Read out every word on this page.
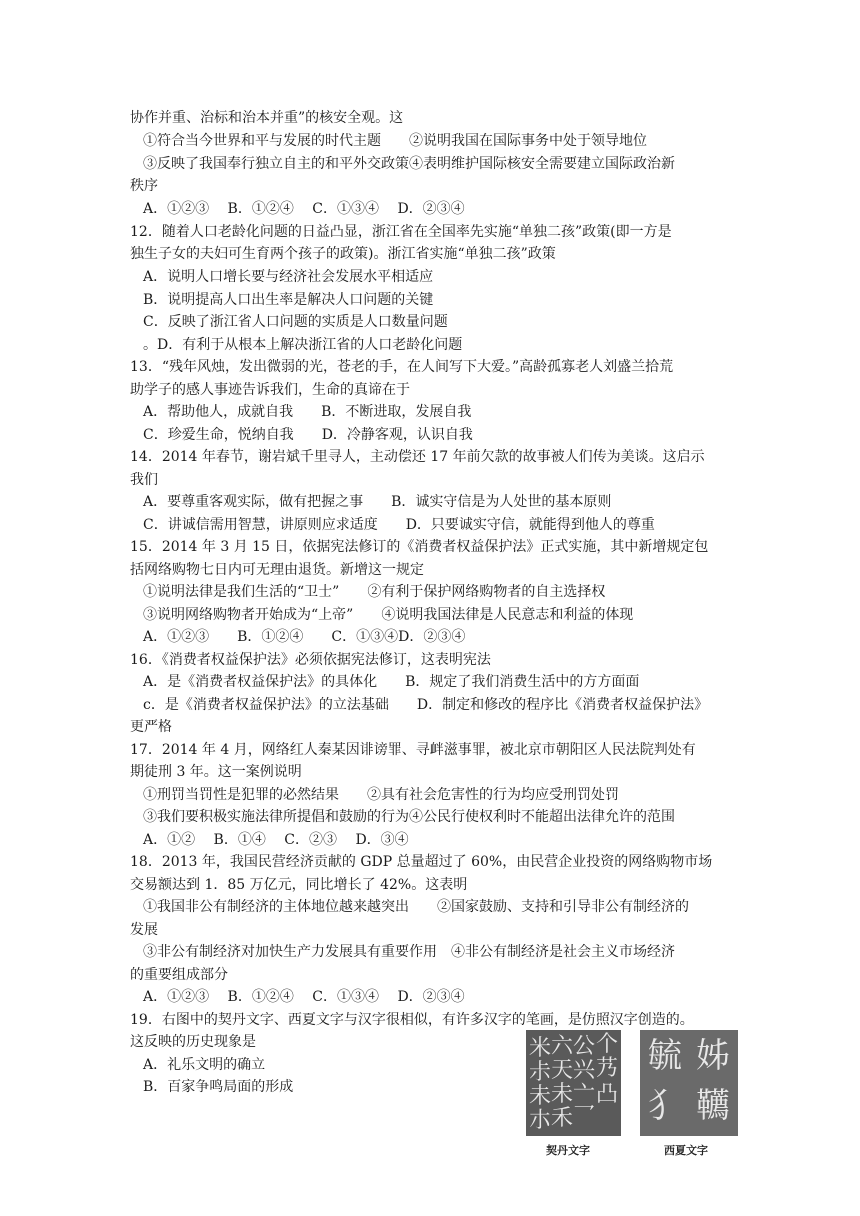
协作并重、治标和治本并重”的核安全观。这
①符合当今世界和平与发展的时代主题　　②说明我国在国际事务中处于领导地位
③反映了我国奉行独立自主的和平外交政策④表明维护国际核安全需要建立国际政治新
秩序
A．①②③　 B．①②④　 C．①③④　 D．②③④
12．随着人口老龄化问题的日益凸显，浙江省在全国率先实施“单独二孩”政策(即一方是
独生子女的夫妇可生育两个孩子的政策)。浙江省实施“单独二孩”政策
A．说明人口增长要与经济社会发展水平相适应
B．说明提高人口出生率是解决人口问题的关键
C．反映了浙江省人口问题的实质是人口数量问题
。D．有利于从根本上解决浙江省的人口老龄化问题
13．“残年风烛，发出微弱的光，苍老的手，在人间写下大爱。”高龄孤寡老人刘盛兰拾荒
助学子的感人事迹告诉我们，生命的真谛在于
A．帮助他人，成就自我　　B．不断进取，发展自我
C．珍爱生命，悦纳自我　　D．冷静客观，认识自我
14．2014 年春节，谢岩斌千里寻人，主动偿还 17 年前欠款的故事被人们传为美谈。这启示
我们
A．要尊重客观实际，做有把握之事　　B．诚实守信是为人处世的基本原则
C．讲诚信需用智慧，讲原则应求适度　　D．只要诚实守信，就能得到他人的尊重
15．2014 年 3 月 15 日，依据宪法修订的《消费者权益保护法》正式实施，其中新增规定包
括网络购物七日内可无理由退货。新增这一规定
①说明法律是我们生活的“卫士”　　②有利于保护网络购物者的自主选择权
③说明网络购物者开始成为“上帝”　　④说明我国法律是人民意志和利益的体现
A．①②③　　B．①②④　　C．①③④D．②③④
16．《消费者权益保护法》必须依据宪法修订，这表明宪法
A．是《消费者权益保护法》的具体化　　B．规定了我们消费生活中的方方面面
c．是《消费者权益保护法》的立法基础　　D．制定和修改的程序比《消费者权益保护法》
更严格
17．2014 年 4 月，网络红人秦某因诽谤罪、寻衅滋事罪，被北京市朝阳区人民法院判处有
期徒刑 3 年。这一案例说明
①刑罚当罚性是犯罪的必然结果　　②具有社会危害性的行为均应受刑罚处罚
③我们要积极实施法律所提倡和鼓励的行为④公民行使权利时不能超出法律允许的范围
A．①②　 B．①④　 C．②③　 D．③④
18．2013 年，我国民营经济贡献的 GDP 总量超过了 60%，由民营企业投资的网络购物市场
交易额达到 1．85 万亿元，同比增长了 42%。这表明
①我国非公有制经济的主体地位越来越突出　　②国家鼓励、支持和引导非公有制经济的
发展
③非公有制经济对加快生产力发展具有重要作用　④非公有制经济是社会主义市场经济
的重要组成部分
A．①②③　 B．①②④　 C．①③④　 D．②③④
19．右图中的契丹文字、西夏文字与汉字很相似，有许多汉字的笔画，是仿照汉字创造的。
这反映的历史现象是
A．礼乐文明的确立
B．百家争鸣局面的形成
个
艿
凸
公
兴
亠
乛
六
天
未
禾
米
尗
未
朩
姊
毓
韉
犭
契丹文字	西夏文字
